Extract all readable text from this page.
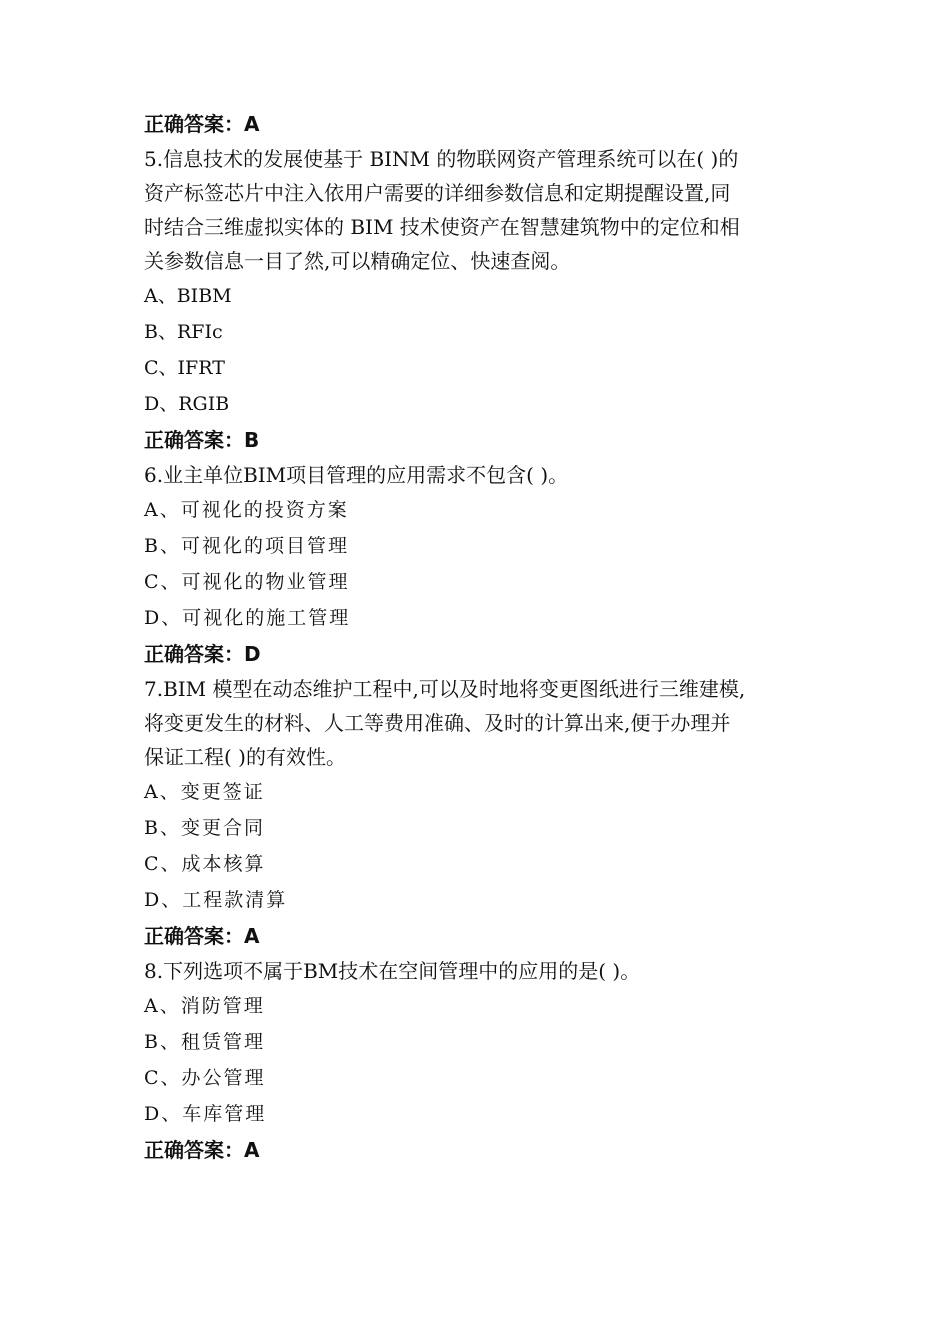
正确答案：A

5.信息技术的发展使基于 BINM 的物联网资产管理系统可以在( )的
资产标签芯片中注入依用户需要的详细参数信息和定期提醒设置,同
时结合三维虚拟实体的 BIM 技术使资产在智慧建筑物中的定位和相
关参数信息一目了然,可以精确定位、快速查阅。

A、BIBM
B、RFIc
C、IFRT
D、RGIB
正确答案：B

6.业主单位BIM项目管理的应用需求不包含( )。

A、可视化的投资方案
B、可视化的项目管理
C、可视化的物业管理
D、可视化的施工管理
正确答案：D

7.BIM 模型在动态维护工程中,可以及时地将变更图纸进行三维建模,
将变更发生的材料、人工等费用准确、及时的计算出来,便于办理并
保证工程( )的有效性。

A、变更签证
B、变更合同
C、成本核算
D、工程款清算
正确答案：A

8.下列选项不属于BM技术在空间管理中的应用的是( )。

A、消防管理
B、租赁管理
C、办公管理
D、车库管理
正确答案：A
